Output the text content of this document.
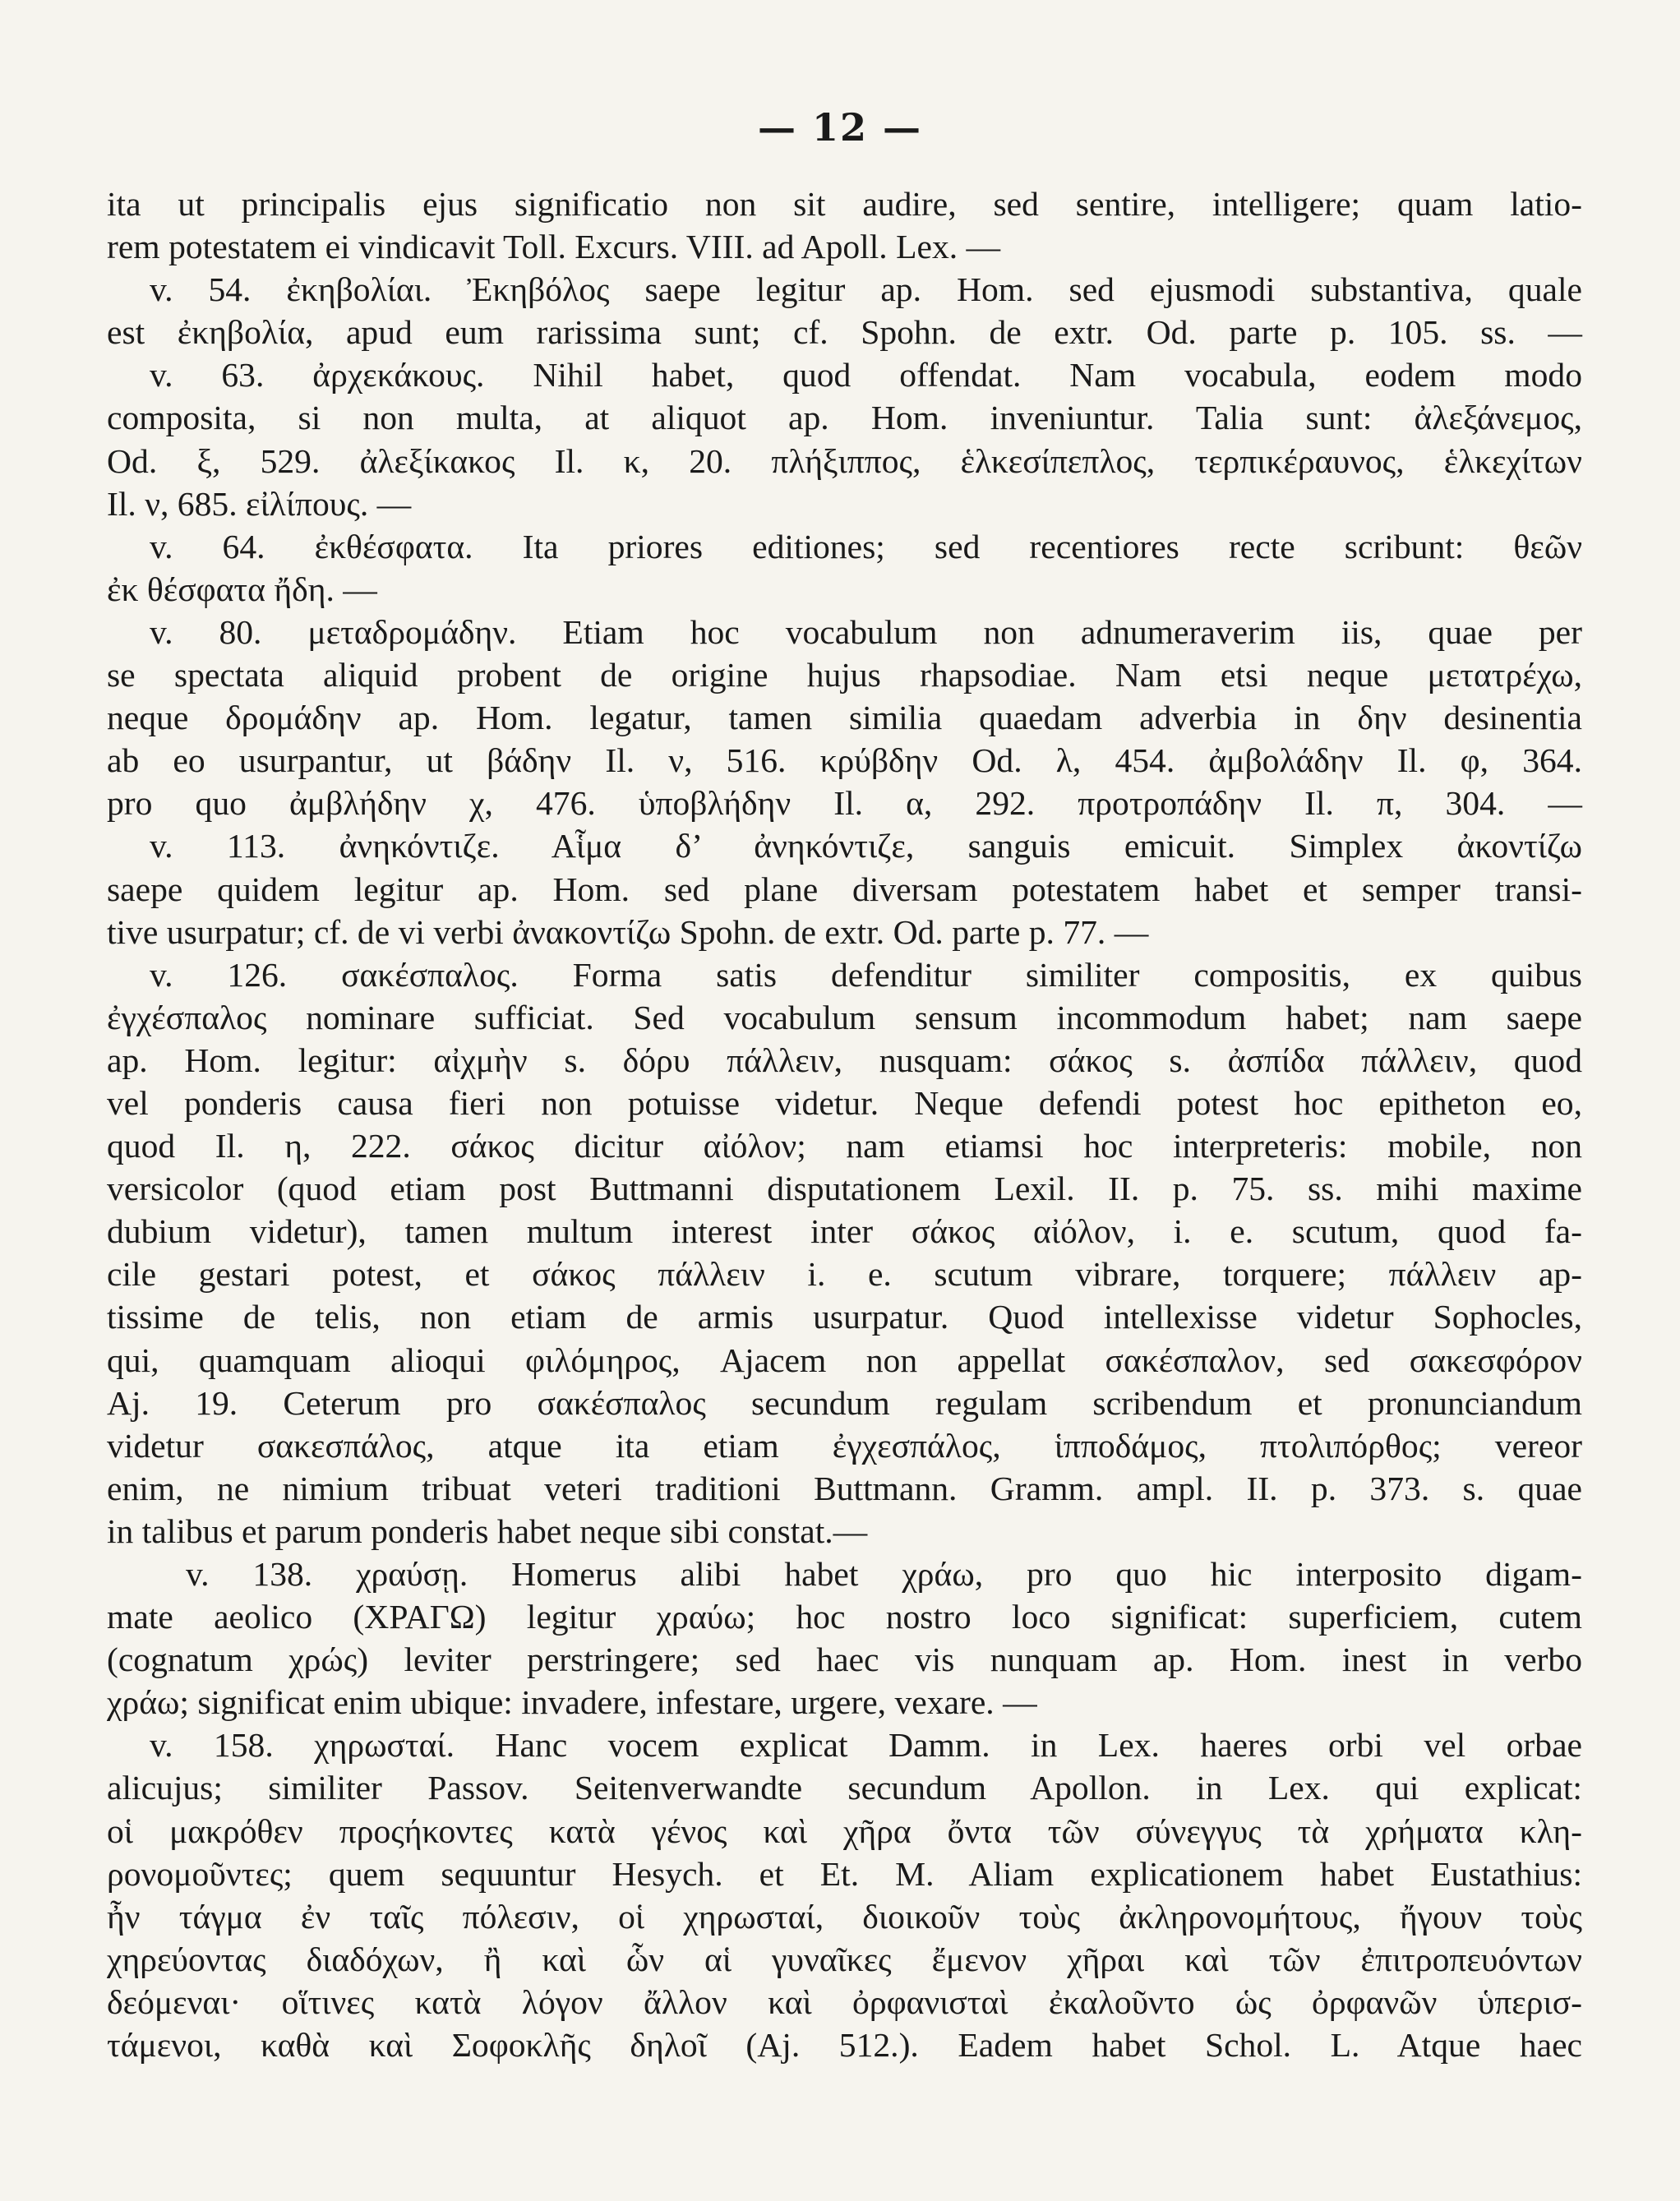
— 12 —
ita ut principalis ejus significatio non sit audire, sed sentire, intelligere; quam latio-
rem potestatem ei vindicavit Toll. Excurs. VIII. ad Apoll. Lex. —
v. 54. ἐκηβολίαι. Ἐκηβόλος saepe legitur ap. Hom. sed ejusmodi substantiva, quale
est ἐκηβολία, apud eum rarissima sunt; cf. Spohn. de extr. Od. parte p. 105. ss. —
v. 63. ἀρχεκάκους. Nihil habet, quod offendat. Nam vocabula, eodem modo
composita, si non multa, at aliquot ap. Hom. inveniuntur. Talia sunt: ἀλεξάνεμος,
Od. ξ, 529. ἀλεξίκακος Il. κ, 20. πλήξιππος, ἑλκεσίπεπλος, τερπικέραυνος, ἑλκεχίτων
Il. ν, 685. εἰλίπους. —
v. 64. ἐκθέσφατα. Ita priores editiones; sed recentiores recte scribunt: θεῶν
ἐκ θέσφατα ἤδη. —
v. 80. μεταδρομάδην. Etiam hoc vocabulum non adnumeraverim iis, quae per
se spectata aliquid probent de origine hujus rhapsodiae. Nam etsi neque μετατρέχω,
neque δρομάδην ap. Hom. legatur, tamen similia quaedam adverbia in δην desinentia
ab eo usurpantur, ut βάδην Il. ν, 516. κρύβδην Od. λ, 454. ἀμβολάδην Il. φ, 364.
pro quo ἀμβλήδην χ, 476. ὑποβλήδην Il. α, 292. προτροπάδην Il. π, 304. —
v. 113. ἀνηκόντιζε. Αἷμα δ’ ἀνηκόντιζε, sanguis emicuit. Simplex ἀκοντίζω
saepe quidem legitur ap. Hom. sed plane diversam potestatem habet et semper transi-
tive usurpatur; cf. de vi verbi ἀνακοντίζω Spohn. de extr. Od. parte p. 77. —
v. 126. σακέσπαλος. Forma satis defenditur similiter compositis, ex quibus
ἐγχέσπαλος nominare sufficiat. Sed vocabulum sensum incommodum habet; nam saepe
ap. Hom. legitur: αἰχμὴν s. δόρυ πάλλειν, nusquam: σάκος s. ἀσπίδα πάλλειν, quod
vel ponderis causa fieri non potuisse videtur. Neque defendi potest hoc epitheton eo,
quod Il. η, 222. σάκος dicitur αἰόλον; nam etiamsi hoc interpreteris: mobile, non
versicolor (quod etiam post Buttmanni disputationem Lexil. II. p. 75. ss. mihi maxime
dubium videtur), tamen multum interest inter σάκος αἰόλον, i. e. scutum, quod fa-
cile gestari potest, et σάκος πάλλειν i. e. scutum vibrare, torquere; πάλλειν ap-
tissime de telis, non etiam de armis usurpatur. Quod intellexisse videtur Sophocles,
qui, quamquam alioqui φιλόμηρος, Ajacem non appellat σακέσπαλον, sed σακεσφόρον
Aj. 19. Ceterum pro σακέσπαλος secundum regulam scribendum et pronunciandum
videtur σακεσπάλος, atque ita etiam ἐγχεσπάλος, ἱπποδάμος, πτολιπόρθος; vereor
enim, ne nimium tribuat veteri traditioni Buttmann. Gramm. ampl. II. p. 373. s. quae
in talibus et parum ponderis habet neque sibi constat.—
v. 138. χραύσῃ. Homerus alibi habet χράω, pro quo hic interposito digam-
mate aeolico (ΧΡΑΓΩ) legitur χραύω; hoc nostro loco significat: superficiem, cutem
(cognatum χρώς) leviter perstringere; sed haec vis nunquam ap. Hom. inest in verbo
χράω; significat enim ubique: invadere, infestare, urgere, vexare. —
v. 158. χηρωσταί. Hanc vocem explicat Damm. in Lex. haeres orbi vel orbae
alicujus; similiter Passov. Seitenverwandte secundum Apollon. in Lex. qui explicat:
οἱ μακρόθεν προςήκοντες κατὰ γένος καὶ χῆρα ὄντα τῶν σύνεγγυς τὰ χρήματα κλη-
ρονομοῦντες; quem sequuntur Hesych. et Et. M. Aliam explicationem habet Eustathius:
ἦν τάγμα ἐν ταῖς πόλεσιν, οἱ χηρωσταί, διοικοῦν τοὺς ἀκληρονομήτους, ἤγουν τοὺς
χηρεύοντας διαδόχων, ἢ καὶ ὧν αἱ γυναῖκες ἔμενον χῆραι καὶ τῶν ἐπιτροπευόντων
δεόμεναι· οἵτινες κατὰ λόγον ἄλλον καὶ ὀρφανισταὶ ἐκαλοῦντο ὡς ὀρφανῶν ὑπερισ-
τάμενοι, καθὰ καὶ Σοφοκλῆς δηλοῖ (Aj. 512.). Eadem habet Schol. L. Atque haec
